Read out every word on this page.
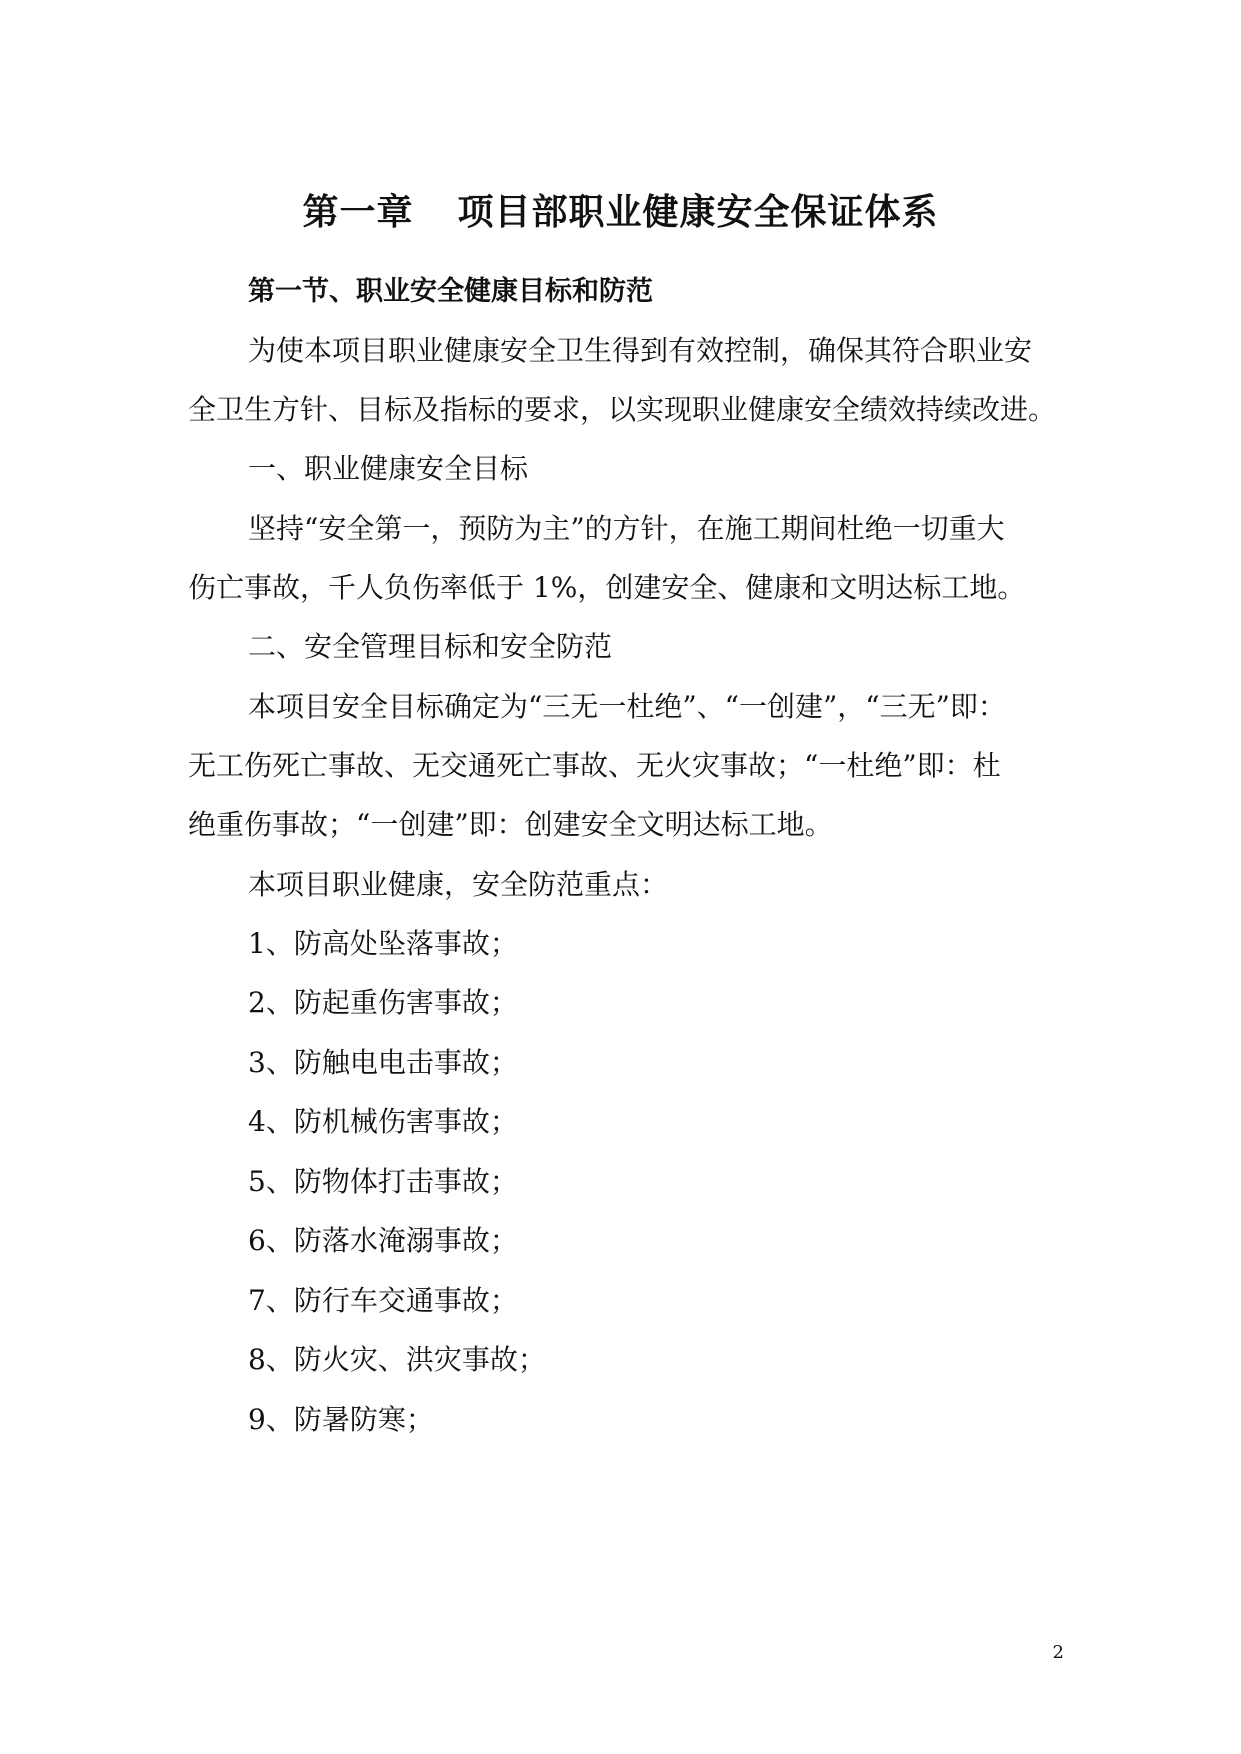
第一章 项目部职业健康安全保证体系
第一节、职业安全健康目标和防范
为使本项目职业健康安全卫生得到有效控制，确保其符合职业安
全卫生方针、目标及指标的要求，以实现职业健康安全绩效持续改进。
一、职业健康安全目标
坚持“安全第一，预防为主”的方针，在施工期间杜绝一切重大
伤亡事故，千人负伤率低于 1%，创建安全、健康和文明达标工地。
二、安全管理目标和安全防范
本项目安全目标确定为“三无一杜绝”、“一创建”，“三无”即：
无工伤死亡事故、无交通死亡事故、无火灾事故；“一杜绝”即：杜
绝重伤事故；“一创建”即：创建安全文明达标工地。
本项目职业健康，安全防范重点：
1、防高处坠落事故；
2、防起重伤害事故；
3、防触电电击事故；
4、防机械伤害事故；
5、防物体打击事故；
6、防落水淹溺事故；
7、防行车交通事故；
8、防火灾、洪灾事故；
9、防暑防寒；
2
